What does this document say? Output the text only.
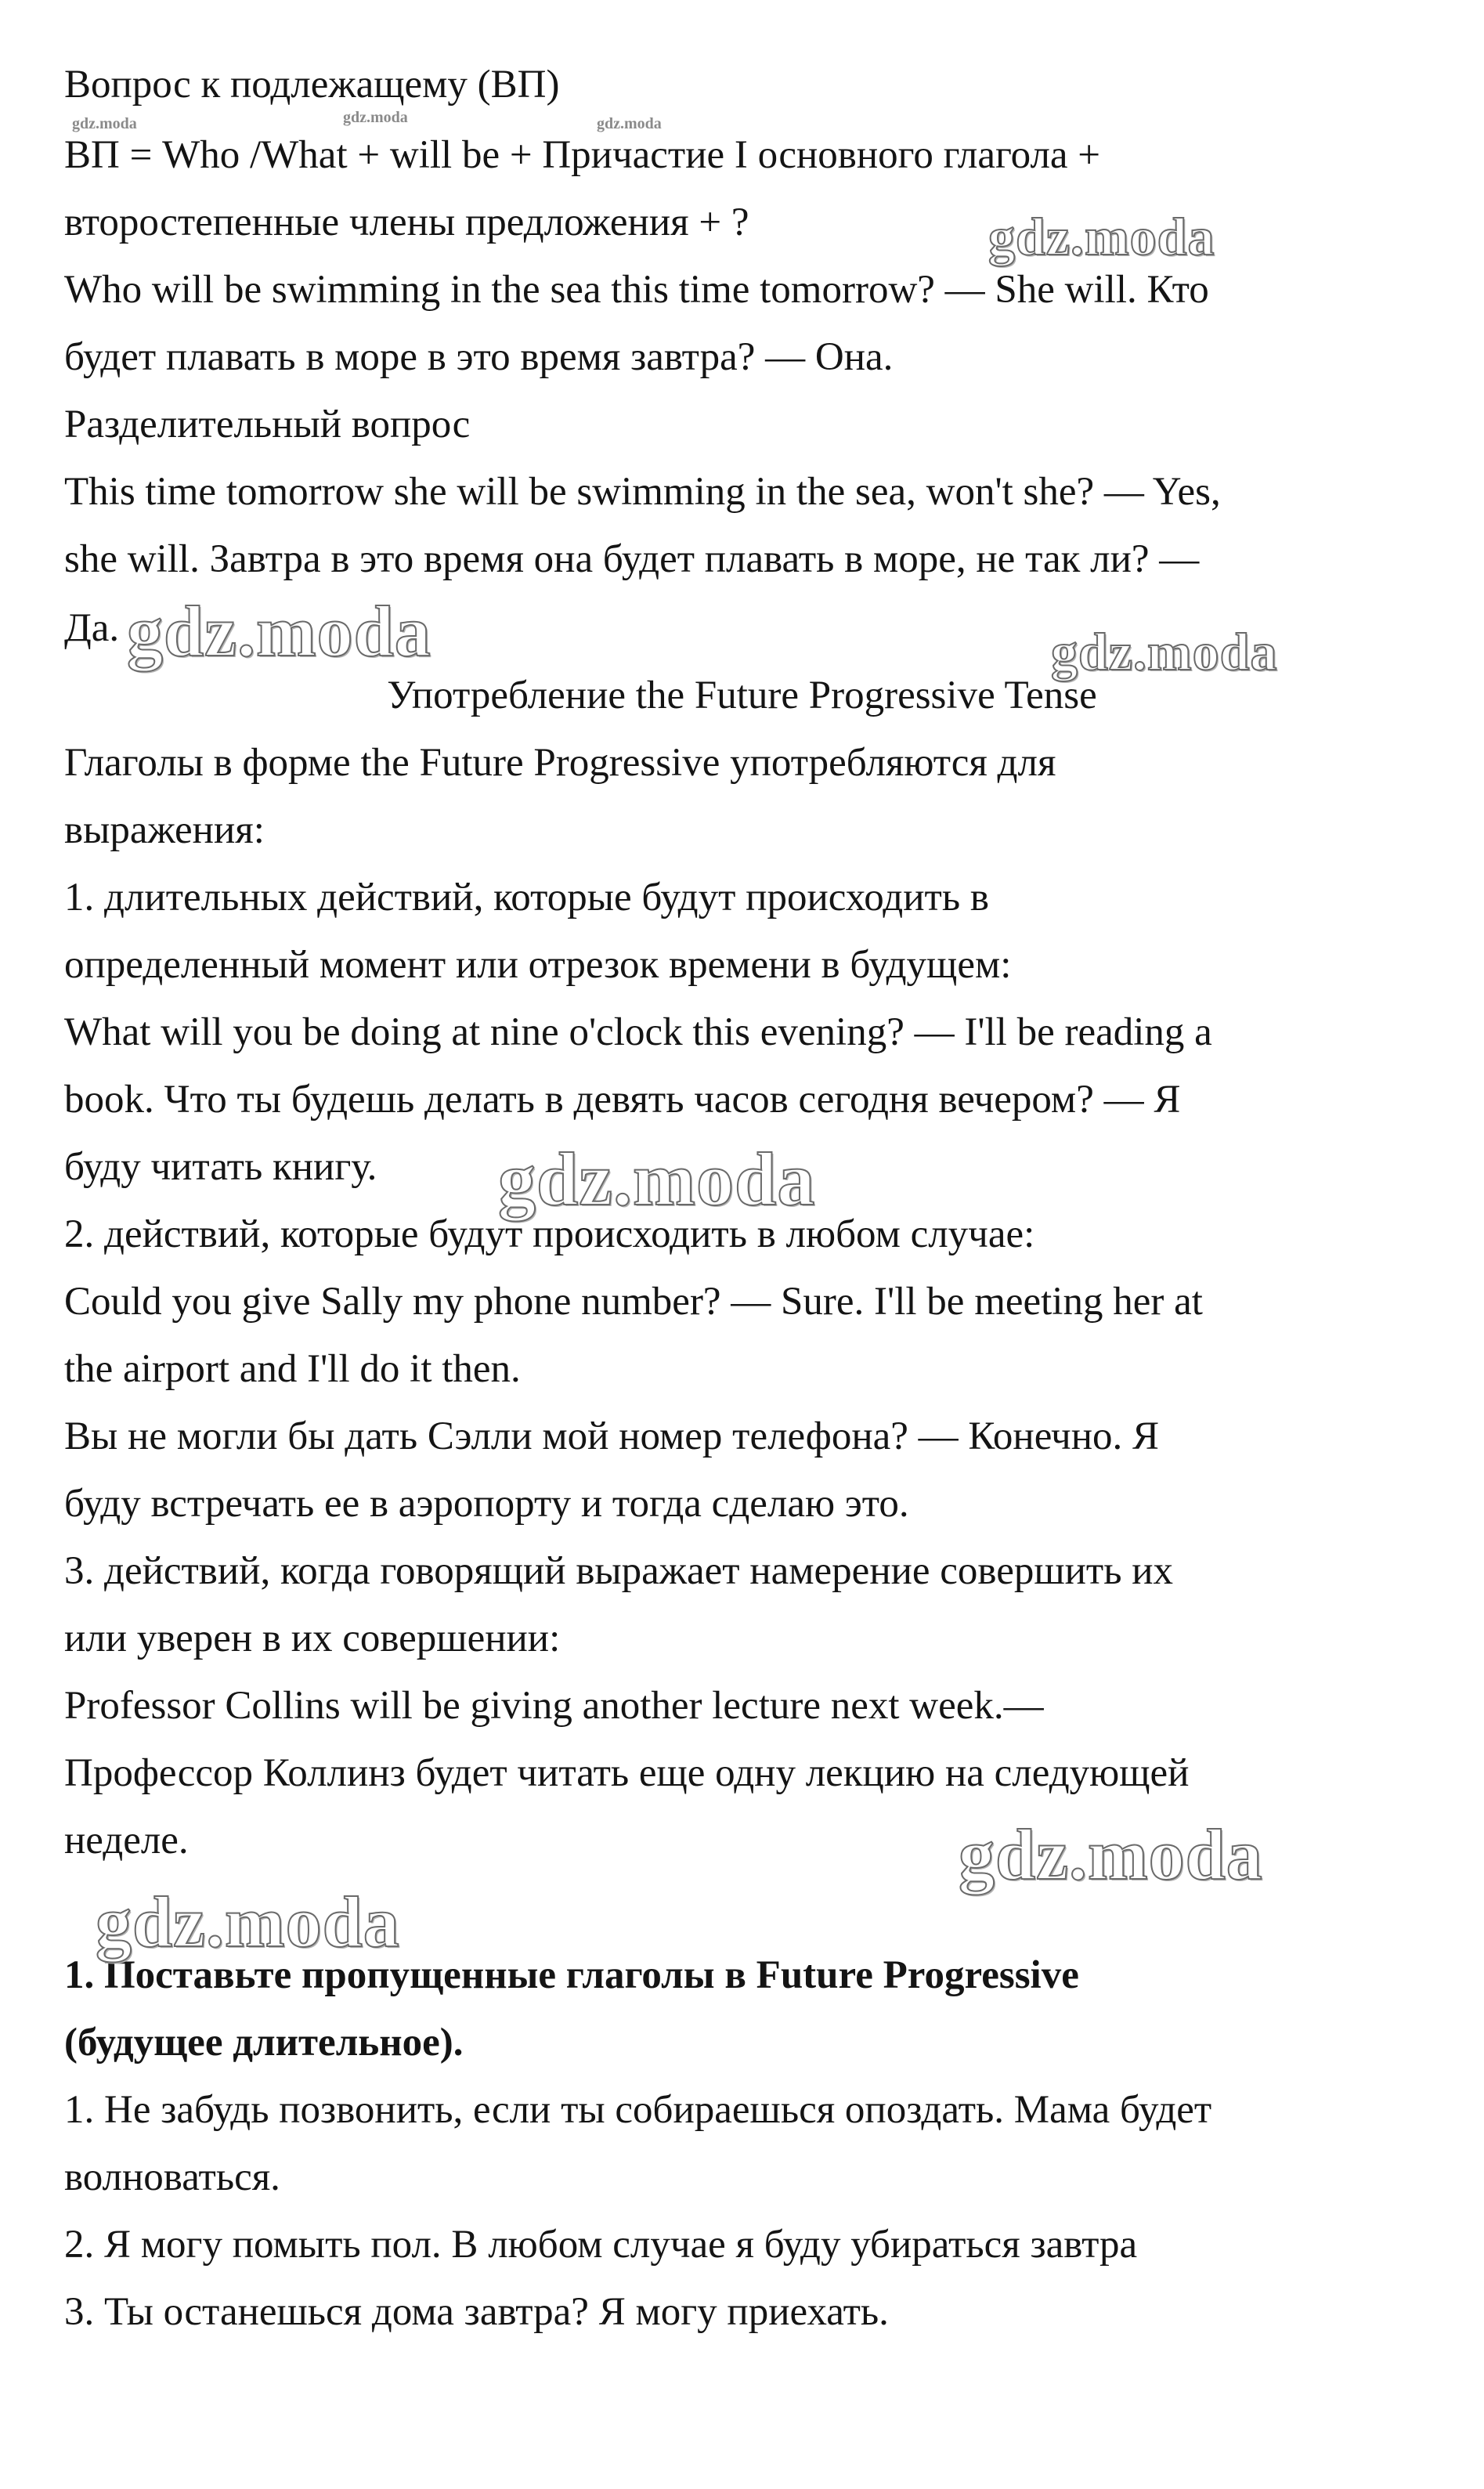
Вопрос к подлежащему (ВП)

ВП = Who /What + will be + Причастие I основного глагола +

второстепенные члены предложения + ?

Who will be swimming in the sea this time tomorrow? — She will. Кто

будет плавать в море в это время завтра? — Она.

Разделительный вопрос

This time tomorrow she will be swimming in the sea, won't she? — Yes,

she will. Завтра в это время она будет плавать в море, не так ли? —

Да.

Употребление the Future Progressive Tense

Глаголы в форме the Future Progressive употребляются для

выражения:

1. длительных действий, которые будут происходить в

определенный момент или отрезок времени в будущем:

What will you be doing at nine o'clock this evening? — I'll be reading a

book. Что ты будешь делать в девять часов сегодня вечером? — Я

буду читать книгу.

2. действий, которые будут происходить в любом случае:

Could you give Sally my phone number? — Sure. I'll be meeting her at

the airport and I'll do it then.

Вы не могли бы дать Сэлли мой номер телефона? — Конечно. Я

буду встречать ее в аэропорту и тогда сделаю это.

3. действий, когда говорящий выражает намерение совершить их

или уверен в их совершении:

Professor Collins will be giving another lecture next week.—

Профессор Коллинз будет читать еще одну лекцию на следующей

неделе.

1. Поставьте пропущенные глаголы в Future Progressive

(будущее длительное).

1. Не забудь позвонить, если ты собираешься опоздать. Мама будет

волноваться.

2. Я могу помыть пол. В любом случае я буду убираться завтра

3. Ты останешься дома завтра? Я могу приехать.

gdz.moda	gdz.moda	gdz.moda
gdz.moda
gdz.moda	gdz.moda
gdz.moda
gdz.moda
gdz.moda
